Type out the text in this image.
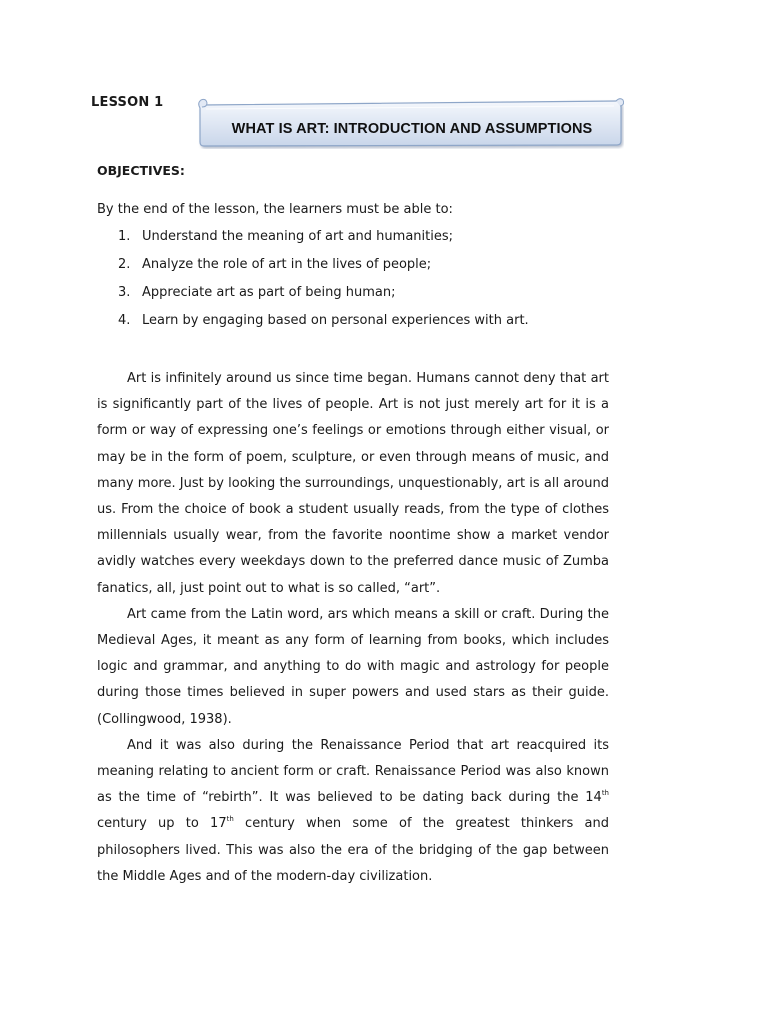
LESSON 1
WHAT IS ART: INTRODUCTION AND ASSUMPTIONS
OBJECTIVES:
By the end of the lesson, the learners must be able to:
1. Understand the meaning of art and humanities;
2. Analyze the role of art in the lives of people;
3. Appreciate art as part of being human;
4. Learn by engaging based on personal experiences with art.

Art is infinitely around us since time began. Humans cannot deny that art is significantly part of the lives of people. Art is not just merely art for it is a form or way of expressing one’s feelings or emotions through either visual, or may be in the form of poem, sculpture, or even through means of music, and many more. Just by looking the surroundings, unquestionably, art is all around us. From the choice of book a student usually reads, from the type of clothes millennials usually wear, from the favorite noontime show a market vendor avidly watches every weekdays down to the preferred dance music of Zumba fanatics, all, just point out to what is so called, “art”.

Art came from the Latin word, ars which means a skill or craft. During the Medieval Ages, it meant as any form of learning from books, which includes logic and grammar, and anything to do with magic and astrology for people during those times believed in super powers and used stars as their guide. (Collingwood, 1938).

And it was also during the Renaissance Period that art reacquired its meaning relating to ancient form or craft. Renaissance Period was also known as the time of “rebirth”. It was believed to be dating back during the 14th century up to 17th century when some of the greatest thinkers and philosophers lived. This was also the era of the bridging of the gap between the Middle Ages and of the modern-day civilization.
